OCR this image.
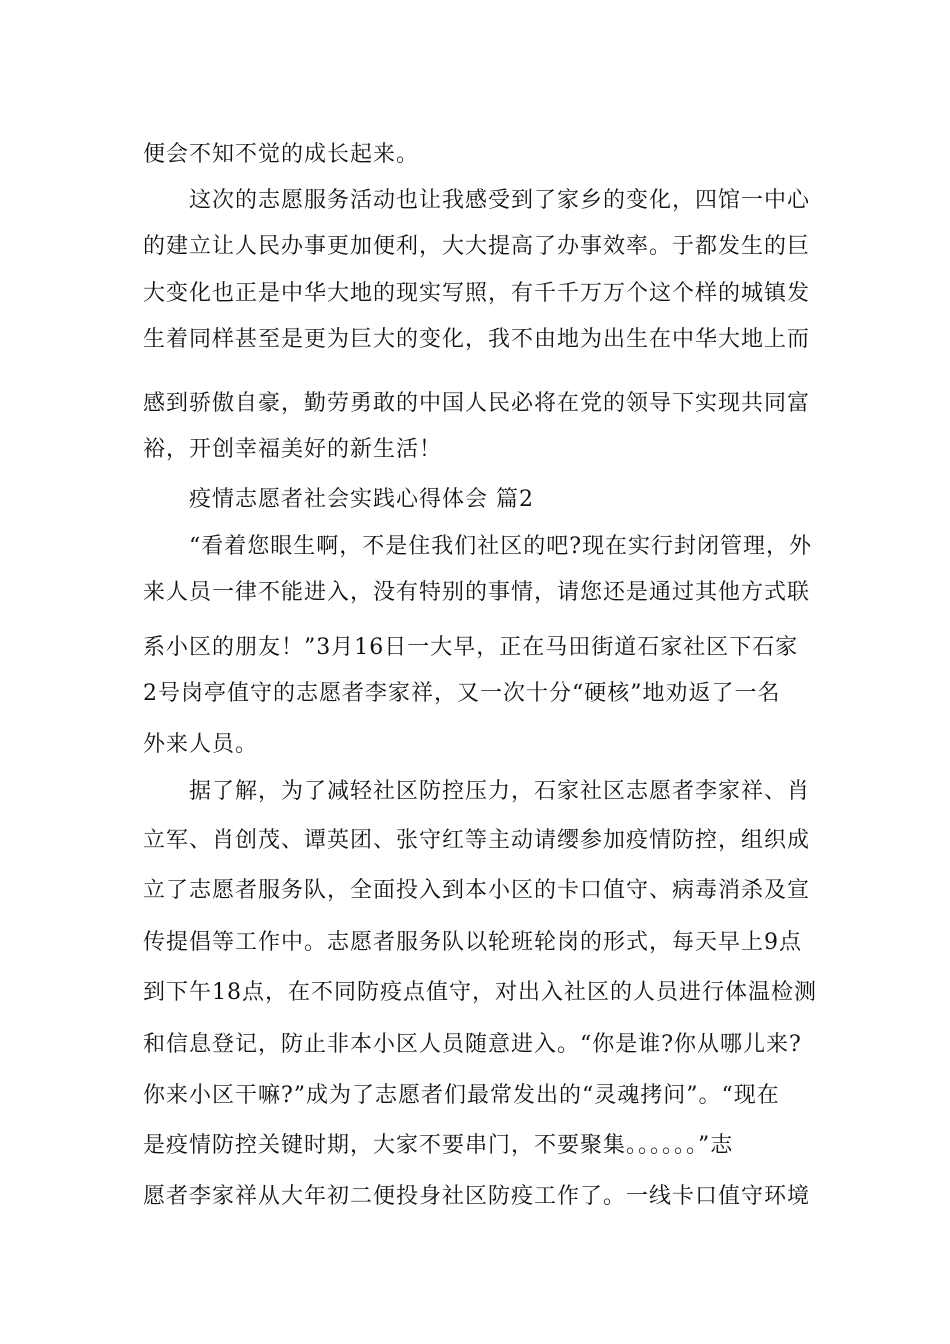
便会不知不觉的成长起来。
这次的志愿服务活动也让我感受到了家乡的变化，四馆一中心
的建立让人民办事更加便利，大大提高了办事效率。于都发生的巨
大变化也正是中华大地的现实写照，有千千万万个这个样的城镇发
生着同样甚至是更为巨大的变化，我不由地为出生在中华大地上而
感到骄傲自豪，勤劳勇敢的中国人民必将在党的领导下实现共同富
裕，开创幸福美好的新生活！
疫情志愿者社会实践心得体会 篇2
“看着您眼生啊，不是住我们社区的吧?现在实行封闭管理，外
来人员一律不能进入，没有特别的事情，请您还是通过其他方式联
系小区的朋友！”3月16日一大早，正在马田街道石家社区下石家
2号岗亭值守的志愿者李家祥，又一次十分“硬核”地劝返了一名
外来人员。
据了解，为了减轻社区防控压力，石家社区志愿者李家祥、肖
立军、肖创茂、谭英团、张守红等主动请缨参加疫情防控，组织成
立了志愿者服务队，全面投入到本小区的卡口值守、病毒消杀及宣
传提倡等工作中。志愿者服务队以轮班轮岗的形式，每天早上9点
到下午18点，在不同防疫点值守，对出入社区的人员进行体温检测
和信息登记，防止非本小区人员随意进入。“你是谁?你从哪儿来?
你来小区干嘛?”成为了志愿者们最常发出的“灵魂拷问”。“现在
是疫情防控关键时期，大家不要串门，不要聚集。。。。。。”志
愿者李家祥从大年初二便投身社区防疫工作了。一线卡口值守环境
